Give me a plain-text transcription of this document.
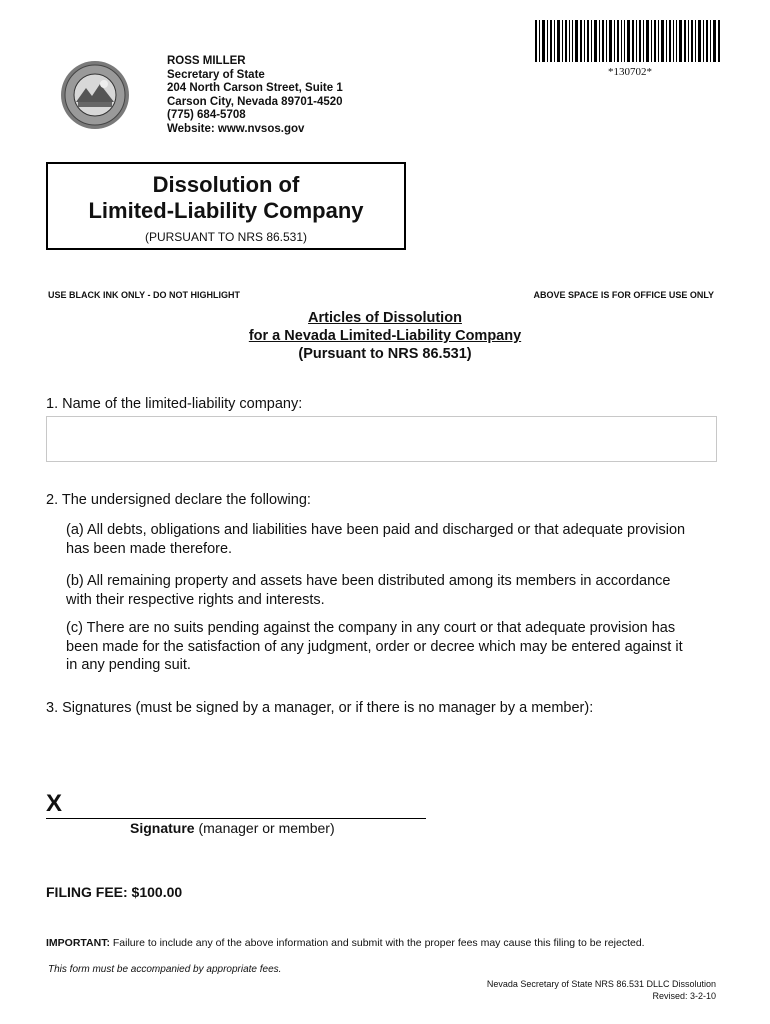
ROSS MILLER
Secretary of State
204 North Carson Street, Suite 1
Carson City, Nevada 89701-4520
(775) 684-5708
Website: www.nvsos.gov
*130702*
Dissolution of
Limited-Liability Company
(PURSUANT TO NRS 86.531)
USE BLACK INK ONLY - DO NOT HIGHLIGHT	ABOVE SPACE IS FOR OFFICE USE ONLY
Articles of Dissolution
for a Nevada Limited-Liability Company
(Pursuant to NRS 86.531)
1. Name of the limited-liability company:
2. The undersigned declare the following:
(a) All debts, obligations and liabilities have been paid and discharged or that adequate provision has been made therefore.
(b) All remaining property and assets have been distributed among its members in accordance with their respective rights and interests.
(c) There are no suits pending against the company in any court or that adequate provision has been made for the satisfaction of any judgment, order or decree which may be entered against it in any pending suit.
3. Signatures (must be signed by a manager, or if there is no manager by a member):
X
Signature (manager or member)
FILING FEE: $100.00
IMPORTANT: Failure to include any of the above information and submit with the proper fees may cause this filing to be rejected.
This form must be accompanied by appropriate fees.
Nevada Secretary of State NRS 86.531 DLLC Dissolution
Revised: 3-2-10
